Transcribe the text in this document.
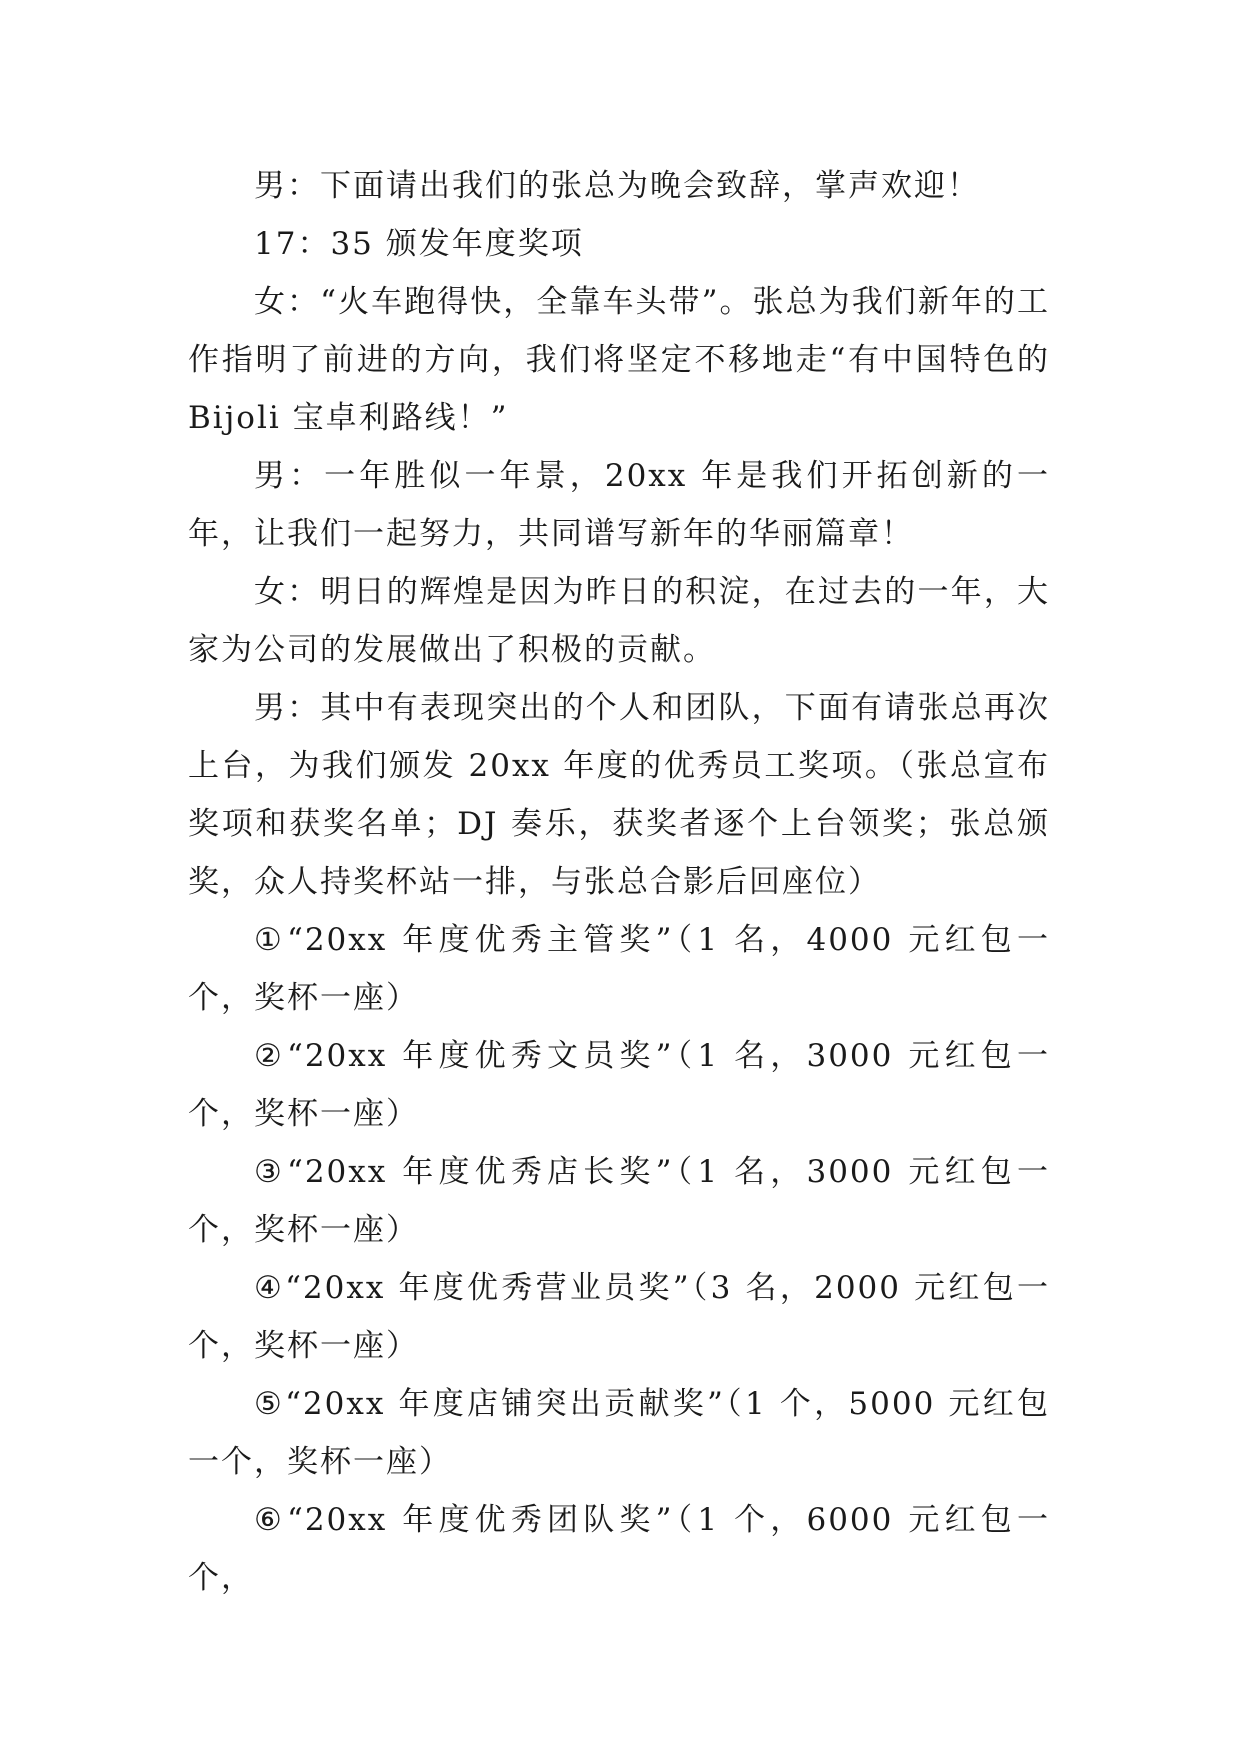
男：下面请出我们的张总为晚会致辞，掌声欢迎！

17：35 颁发年度奖项

女：“火车跑得快，全靠车头带”。张总为我们新年的工作指明了前进的方向，我们将坚定不移地走“有中国特色的 Bijoli 宝卓利路线！”

男：一年胜似一年景，20xx 年是我们开拓创新的一年，让我们一起努力，共同谱写新年的华丽篇章！

女：明日的辉煌是因为昨日的积淀，在过去的一年，大家为公司的发展做出了积极的贡献。

男：其中有表现突出的个人和团队，下面有请张总再次上台，为我们颁发 20xx 年度的优秀员工奖项。（张总宣布奖项和获奖名单；DJ 奏乐，获奖者逐个上台领奖；张总颁奖，众人持奖杯站一排，与张总合影后回座位）

①“20xx 年度优秀主管奖”（1 名，4000 元红包一个，奖杯一座）

②“20xx 年度优秀文员奖”（1 名，3000 元红包一个，奖杯一座）

③“20xx 年度优秀店长奖”（1 名，3000 元红包一个，奖杯一座）

④“20xx 年度优秀营业员奖”（3 名，2000 元红包一个，奖杯一座）

⑤“20xx 年度店铺突出贡献奖”（1 个，5000 元红包一个，奖杯一座）

⑥“20xx 年度优秀团队奖”（1 个，6000 元红包一个，
